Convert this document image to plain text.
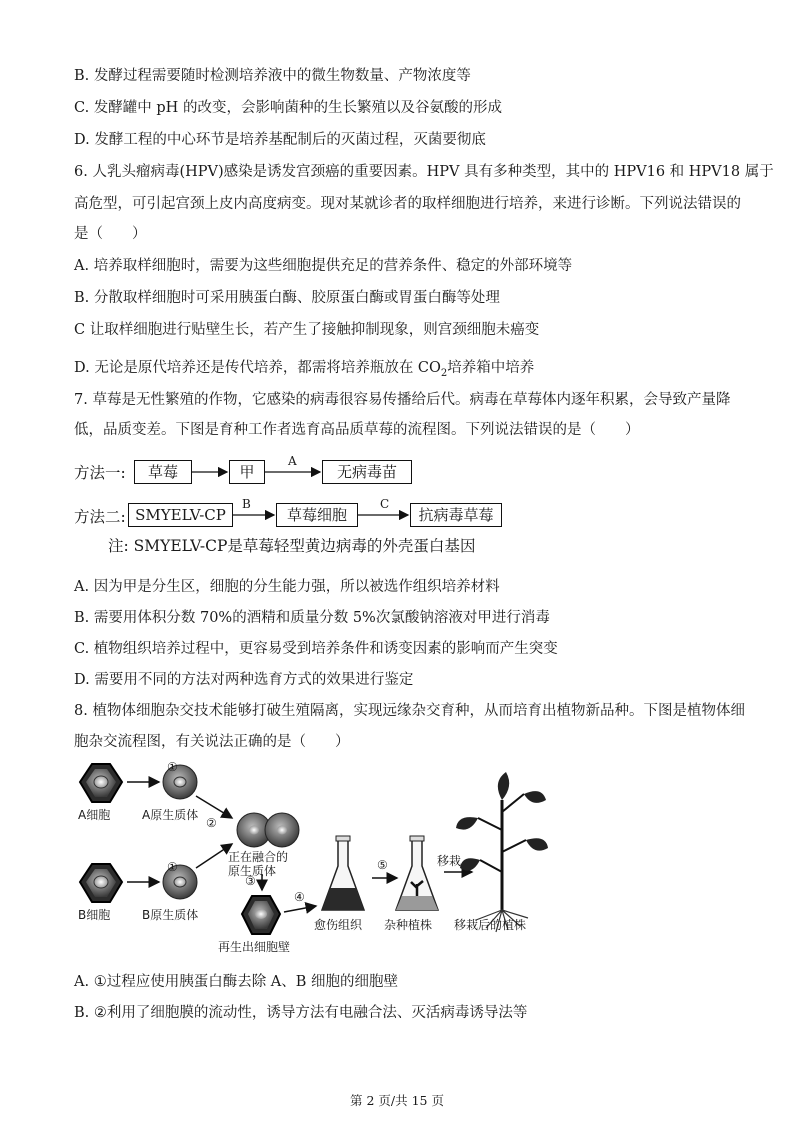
B. 发酵过程需要随时检测培养液中的微生物数量、产物浓度等
C. 发酵罐中 pH 的改变，会影响菌种的生长繁殖以及谷氨酸的形成
D. 发酵工程的中心环节是培养基配制后的灭菌过程，灭菌要彻底
6. 人乳头瘤病毒(HPV)感染是诱发宫颈癌的重要因素。HPV 具有多种类型，其中的 HPV16 和 HPV18 属于
高危型，可引起宫颈上皮内高度病变。现对某就诊者的取样细胞进行培养，来进行诊断。下列说法错误的
是（　　）
A. 培养取样细胞时，需要为这些细胞提供充足的营养条件、稳定的外部环境等
B. 分散取样细胞时可采用胰蛋白酶、胶原蛋白酶或胃蛋白酶等处理
C 让取样细胞进行贴壁生长，若产生了接触抑制现象，则宫颈细胞未癌变
D. 无论是原代培养还是传代培养，都需将培养瓶放在 $CO_2$培养箱中培养
7. 草莓是无性繁殖的作物，它感染的病毒很容易传播给后代。病毒在草莓体内逐年积累，会导致产量降
低，品质变差。下图是育种工作者选育高品质草莓的流程图。下列说法错误的是（　　）
方法一:	草莓	甲
A
无病毒苗
方法二: SMYELV-CP
B
草莓细胞
C
抗病毒草莓
注: SMYELV-CP是草莓轻型黄边病毒的外壳蛋白基因
A. 因为甲是分生区，细胞的分生能力强，所以被选作组织培养材料
B. 需要用体积分数 70%的酒精和质量分数 5%次氯酸钠溶液对甲进行消毒
C. 植物组织培养过程中，更容易受到培养条件和诱变因素的影响而产生突变
D. 需要用不同的方法对两种选育方式的效果进行鉴定
8. 植物体细胞杂交技术能够打破生殖隔离，实现远缘杂交育种，从而培育出植物新品种。下图是植物体细
胞杂交流程图，有关说法正确的是（　　）
①
②
①
③
④
⑤	移栽
A细胞	A原生质体
正在融合的
原生质体
B细胞	B原生质体
再生出细胞壁
愈伤组织 杂种植株 移栽后的植株
A. ①过程应使用胰蛋白酶去除 A、B 细胞的细胞壁
B. ②利用了细胞膜的流动性，诱导方法有电融合法、灭活病毒诱导法等
第 2 页/共 15 页
